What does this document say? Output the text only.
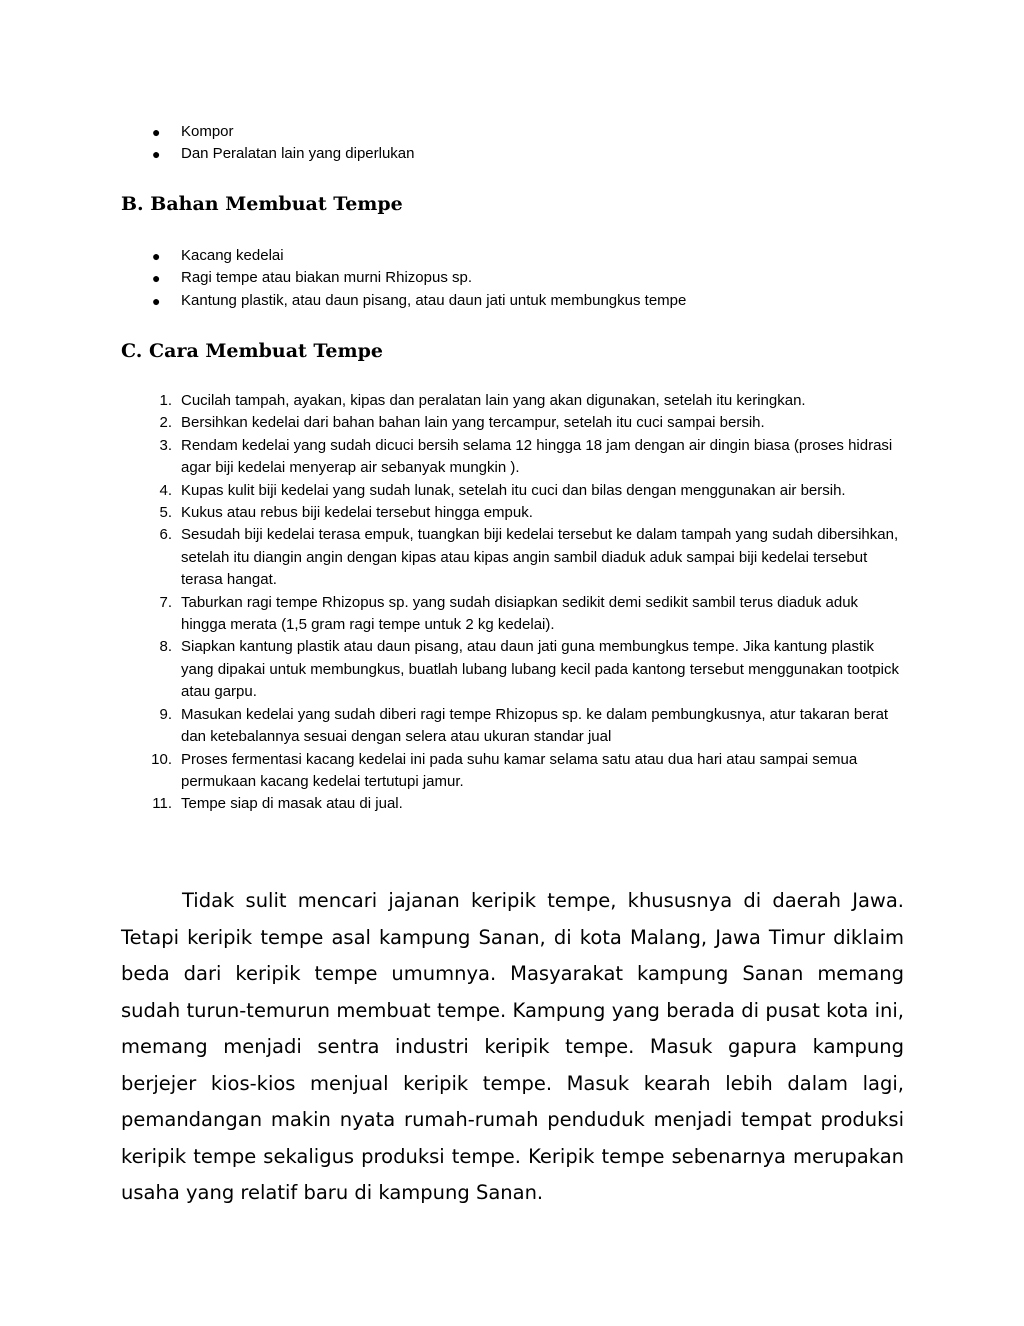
● Kompor
● Dan Peralatan lain yang diperlukan
B. Bahan Membuat Tempe
● Kacang kedelai
● Ragi tempe atau biakan murni Rhizopus sp.
● Kantung plastik, atau daun pisang, atau daun jati untuk membungkus tempe
C. Cara Membuat Tempe
1. Cucilah tampah, ayakan, kipas dan peralatan lain yang akan digunakan, setelah itu keringkan.
2. Bersihkan kedelai dari bahan bahan lain yang tercampur, setelah itu cuci sampai bersih.
3. Rendam kedelai yang sudah dicuci bersih selama 12 hingga 18 jam dengan air dingin biasa (proses hidrasi agar biji kedelai menyerap air sebanyak mungkin ).
4. Kupas kulit biji kedelai yang sudah lunak, setelah itu cuci dan bilas dengan menggunakan air bersih.
5. Kukus atau rebus biji kedelai tersebut hingga empuk.
6. Sesudah biji kedelai terasa empuk, tuangkan biji kedelai tersebut ke dalam tampah yang sudah dibersihkan, setelah itu diangin angin dengan kipas atau kipas angin sambil diaduk aduk sampai biji kedelai tersebut terasa hangat.
7. Taburkan ragi tempe Rhizopus sp. yang sudah disiapkan sedikit demi sedikit sambil terus diaduk aduk hingga merata (1,5 gram ragi tempe untuk 2 kg kedelai).
8. Siapkan kantung plastik atau daun pisang, atau daun jati guna membungkus tempe. Jika kantung plastik yang dipakai untuk membungkus, buatlah lubang lubang kecil pada kantong tersebut menggunakan tootpick atau garpu.
9. Masukan kedelai yang sudah diberi ragi tempe Rhizopus sp. ke dalam pembungkusnya, atur takaran berat dan ketebalannya sesuai dengan selera atau ukuran standar jual
10. Proses fermentasi kacang kedelai ini pada suhu kamar selama satu atau dua hari atau sampai semua permukaan kacang kedelai tertutupi jamur.
11. Tempe siap di masak atau di jual.

Tidak sulit mencari jajanan keripik tempe, khususnya di daerah Jawa. Tetapi keripik tempe asal kampung Sanan, di kota Malang, Jawa Timur diklaim beda dari keripik tempe umumnya. Masyarakat kampung Sanan memang sudah turun-temurun membuat tempe. Kampung yang berada di pusat kota ini, memang menjadi sentra industri keripik tempe. Masuk gapura kampung berjejer kios-kios menjual keripik tempe. Masuk kearah lebih dalam lagi, pemandangan makin nyata rumah-rumah penduduk menjadi tempat produksi keripik tempe sekaligus produksi tempe. Keripik tempe sebenarnya merupakan usaha yang relatif baru di kampung Sanan.
